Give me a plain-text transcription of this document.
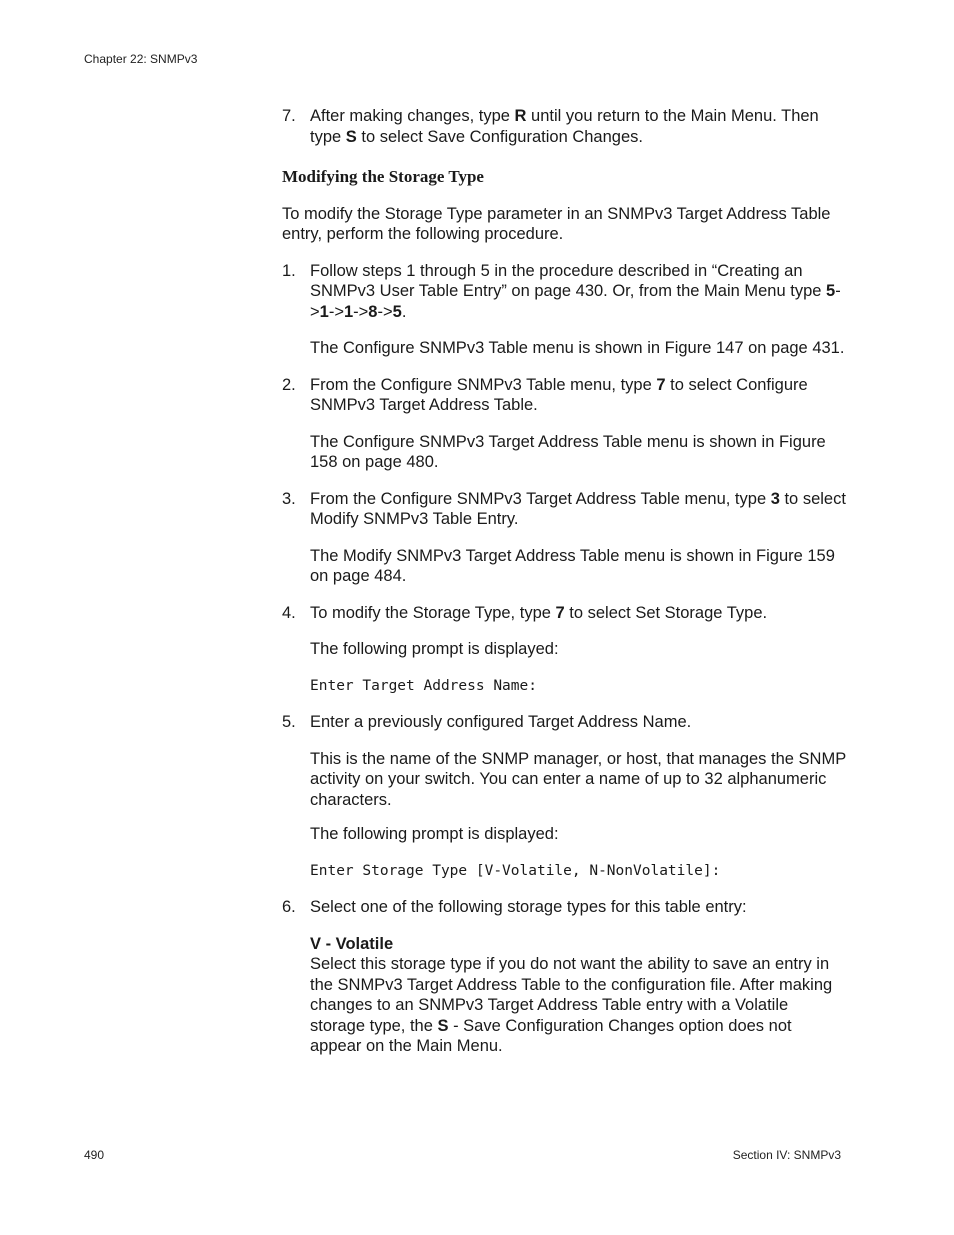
Chapter 22: SNMPv3
7. After making changes, type R until you return to the Main Menu. Then type S to select Save Configuration Changes.

Modifying the Storage Type

To modify the Storage Type parameter in an SNMPv3 Target Address Table entry, perform the following procedure.

1. Follow steps 1 through 5 in the procedure described in “Creating an SNMPv3 User Table Entry” on page 430. Or, from the Main Menu type 5->1->1->8->5.

The Configure SNMPv3 Table menu is shown in Figure 147 on page 431.

2. From the Configure SNMPv3 Table menu, type 7 to select Configure SNMPv3 Target Address Table.

The Configure SNMPv3 Target Address Table menu is shown in Figure 158 on page 480.

3. From the Configure SNMPv3 Target Address Table menu, type 3 to select Modify SNMPv3 Table Entry.

The Modify SNMPv3 Target Address Table menu is shown in Figure 159 on page 484.

4. To modify the Storage Type, type 7 to select Set Storage Type.

The following prompt is displayed:

Enter Target Address Name:

5. Enter a previously configured Target Address Name.

This is the name of the SNMP manager, or host, that manages the SNMP activity on your switch. You can enter a name of up to 32 alphanumeric characters.

The following prompt is displayed:

Enter Storage Type [V-Volatile, N-NonVolatile]:

6. Select one of the following storage types for this table entry:

V - Volatile
Select this storage type if you do not want the ability to save an entry in the SNMPv3 Target Address Table to the configuration file. After making changes to an SNMPv3 Target Address Table entry with a Volatile storage type, the S - Save Configuration Changes option does not appear on the Main Menu.

490	Section IV: SNMPv3
